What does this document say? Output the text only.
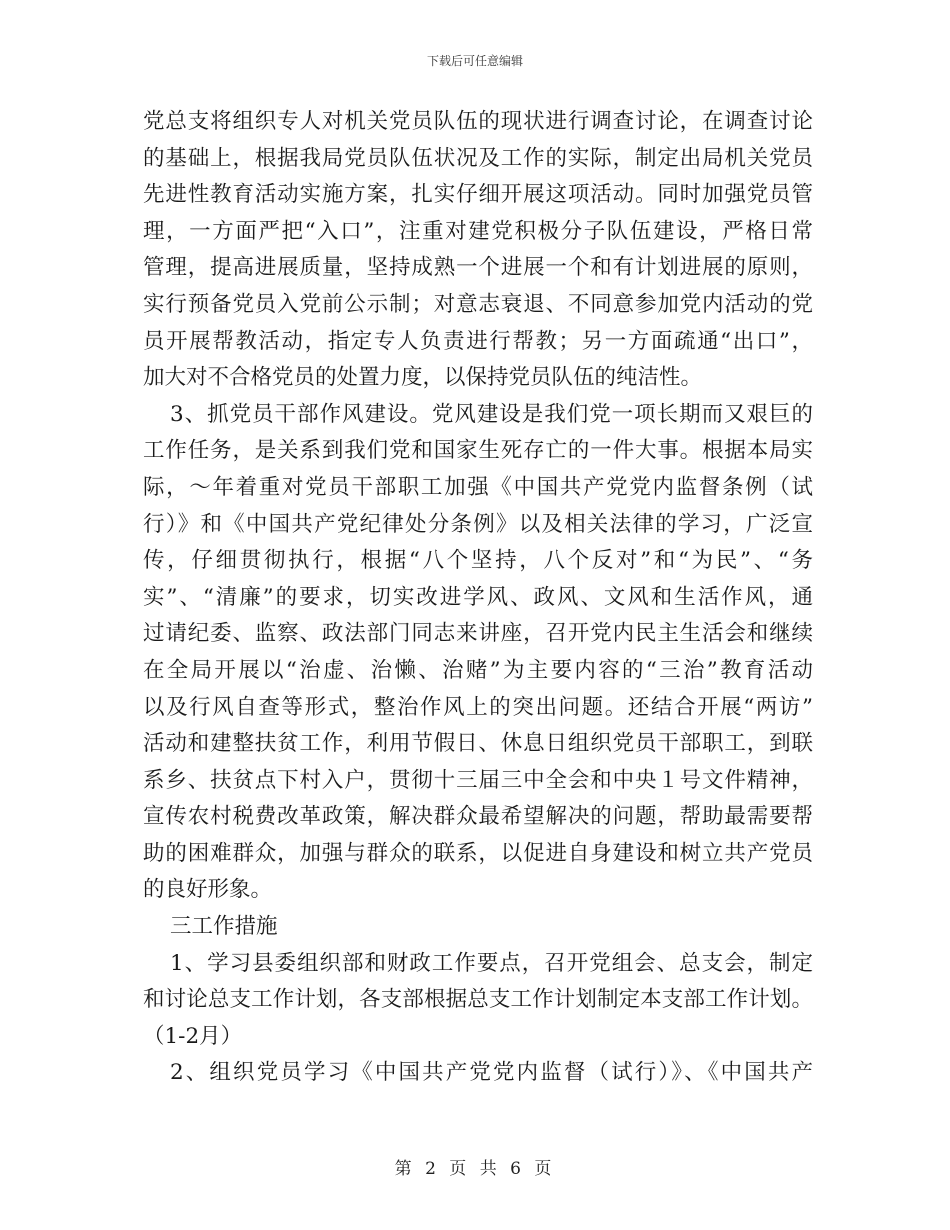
下载后可任意编辑
党总支将组织专人对机关党员队伍的现状进行调查讨论，在调查讨论
的基础上，根据我局党员队伍状况及工作的实际，制定出局机关党员
先进性教育活动实施方案，扎实仔细开展这项活动。同时加强党员管
理，一方面严把“入口”，注重对建党积极分子队伍建设，严格日常
管理，提高进展质量，坚持成熟一个进展一个和有计划进展的原则，
实行预备党员入党前公示制；对意志衰退、不同意参加党内活动的党
员开展帮教活动，指定专人负责进行帮教；另一方面疏通“出口”，
加大对不合格党员的处置力度，以保持党员队伍的纯洁性。
3、抓党员干部作风建设。党风建设是我们党一项长期而又艰巨的
工作任务，是关系到我们党和国家生死存亡的一件大事。根据本局实
际，～年着重对党员干部职工加强《中国共产党党内监督条例（试
行）》和《中国共产党纪律处分条例》以及相关法律的学习，广泛宣
传，仔细贯彻执行，根据“八个坚持，八个反对”和“为民”、“务
实”、“清廉”的要求，切实改进学风、政风、文风和生活作风，通
过请纪委、监察、政法部门同志来讲座，召开党内民主生活会和继续
在全局开展以“治虚、治懒、治赌”为主要内容的“三治”教育活动
以及行风自查等形式，整治作风上的突出问题。还结合开展“两访”
活动和建整扶贫工作，利用节假日、休息日组织党员干部职工，到联
系乡、扶贫点下村入户，贯彻十三届三中全会和中央１号文件精神，
宣传农村税费改革政策，解决群众最希望解决的问题，帮助最需要帮
助的困难群众，加强与群众的联系，以促进自身建设和树立共产党员
的良好形象。
三工作措施
1、学习县委组织部和财政工作要点，召开党组会、总支会，制定
和讨论总支工作计划，各支部根据总支工作计划制定本支部工作计划。
（1-2月）
2、组织党员学习《中国共产党党内监督（试行）》、《中国共产
第 2 页 共 6 页
